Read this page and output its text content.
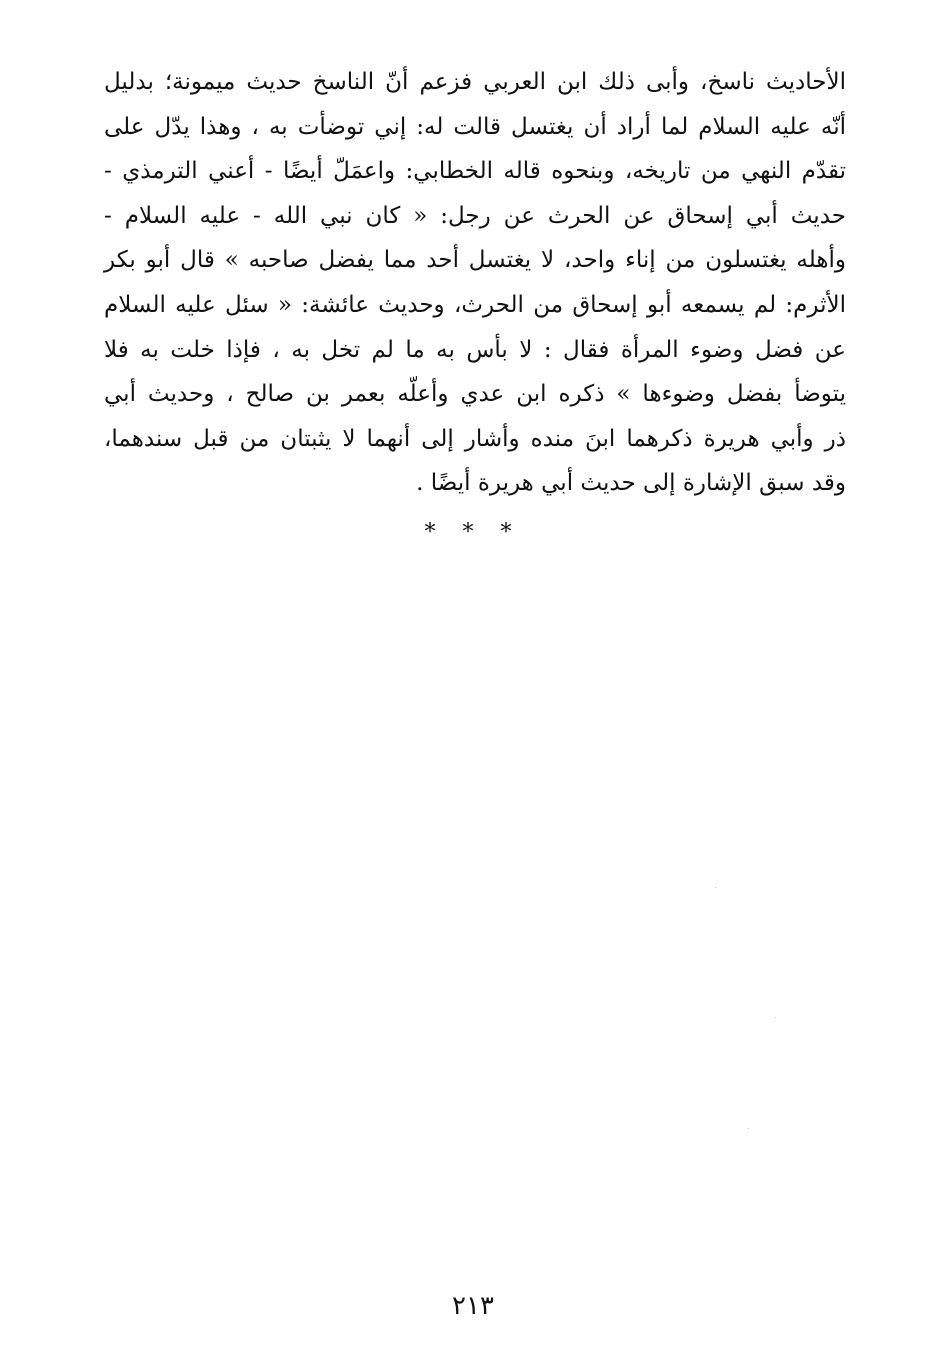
الأحاديث ناسخ، وأبى ذلك ابن العربي فزعم أنّ الناسخ حديث ميمونة؛ بدليل
أنّه عليه السلام لما أراد أن يغتسل قالت له: إني توضأت به ، وهذا يدّل على
تقدّم النهي من تاريخه، وبنحوه قاله الخطابي: واعمَلّ أيضًا - أعني الترمذي -
حديث أبي إسحاق عن الحرث عن رجل: « كان نبي الله - عليه السلام -
وأهله يغتسلون من إناء واحد، لا يغتسل أحد مما يفضل صاحبه » قال أبو بكر
الأثرم: لم يسمعه أبو إسحاق من الحرث، وحديث عائشة: « سئل عليه السلام
عن فضل وضوء المرأة فقال : لا بأس به ما لم تخل به ، فإذا خلت به فلا
يتوضأ بفضل وضوءها » ذكره ابن عدي وأعلّه بعمر بن صالح ، وحديث أبي
ذر وأبي هريرة ذكرهما ابنَ منده وأشار إلى أنهما لا يثبتان من قبل سندهما،
وقد سبق الإشارة إلى حديث أبي هريرة أيضًا .
* * *
٢١٣
